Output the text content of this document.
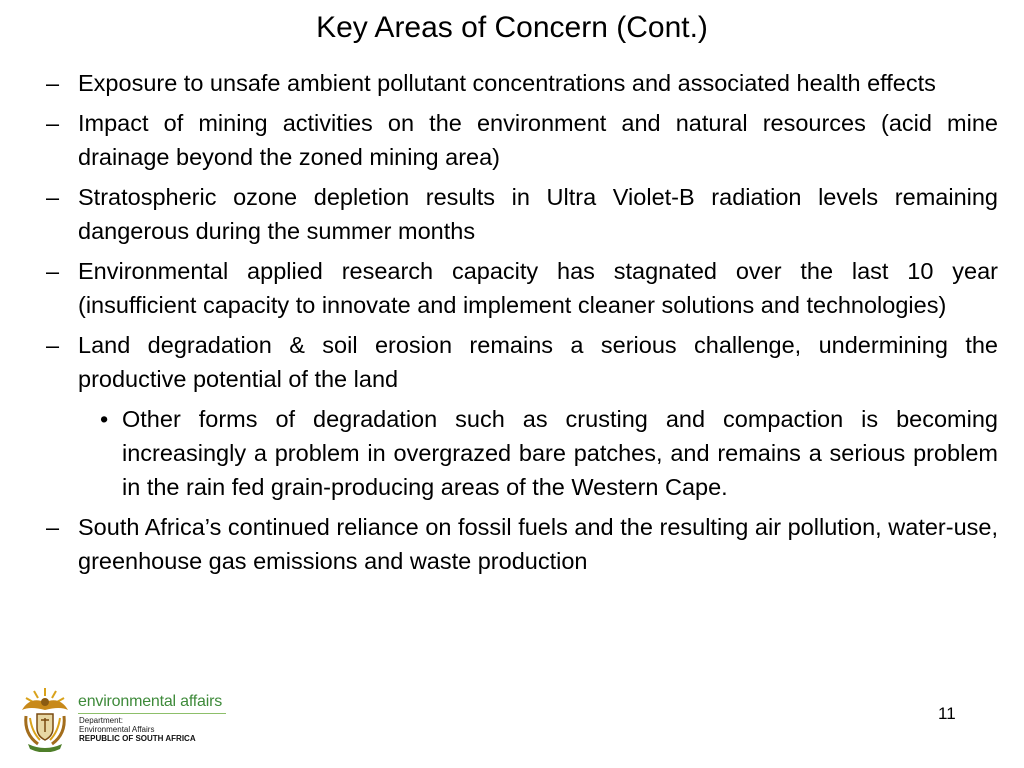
Key Areas of Concern (Cont.)
– Exposure to unsafe ambient pollutant concentrations and associated health effects
– Impact of mining activities on the environment and natural resources (acid mine drainage beyond the zoned mining area)
– Stratospheric ozone depletion results in Ultra Violet-B radiation levels remaining dangerous during the summer months
– Environmental applied research capacity has stagnated over the last 10 year (insufficient capacity to innovate and implement cleaner solutions and technologies)
– Land degradation & soil erosion remains a serious challenge, undermining the productive potential of the land
• Other forms of degradation such as crusting and compaction is becoming increasingly a problem in overgrazed bare patches, and remains a serious problem in the rain fed grain-producing areas of the Western Cape.
– South Africa’s continued reliance on fossil fuels and the resulting air pollution, water-use, greenhouse gas emissions and waste production
environmental affairs
Department:
Environmental Affairs
REPUBLIC OF SOUTH AFRICA
11
